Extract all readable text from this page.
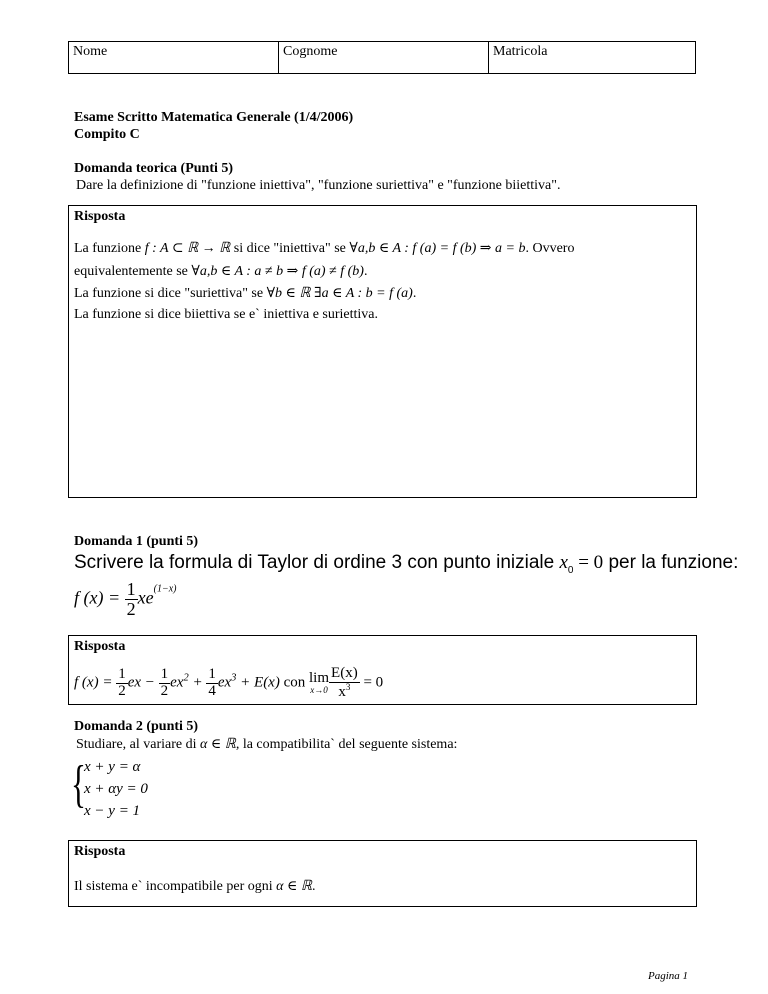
Nome	Cognome	Matricola
Esame Scritto Matematica Generale (1/4/2006)
Compito C
Domanda teorica (Punti 5)
Dare la definizione di "funzione iniettiva", "funzione suriettiva" e "funzione biiettiva".
Risposta
La funzione f : A ⊂ ℝ → ℝ si dice "iniettiva" se ∀a,b ∈ A : f (a) = f (b) ⇒ a = b. Ovvero
equivalentemente se ∀a,b ∈ A : a ≠ b ⇒ f (a) ≠ f (b).
La funzione si dice "suriettiva" se ∀b ∈ ℝ ∃a ∈ A : b = f (a).
La funzione si dice biiettiva se e` iniettiva e suriettiva.
Domanda 1 (punti 5)
Scrivere la formula di Taylor di ordine 3 con punto iniziale $x_0 = 0$ per la funzione:
f $(x) = \frac{1}{2} xe^{(1-x)}$
Risposta
f $(x) = \frac{1}{2}$ ex − $\frac{1}{2} ex^2 + \frac{1}{4} ex^3 + E(x)$ con lim
$x\to 0 \frac{E(x)}{x^3} = 0$
Domanda 2 (punti 5)
Studiare, al variare di α ∈ ℝ, la compatibilita` del seguente sistema:
{
x + y = α
x + αy = 0
x − y = 1
Risposta
Il sistema e` incompatibile per ogni α ∈ ℝ.
Pagina 1
